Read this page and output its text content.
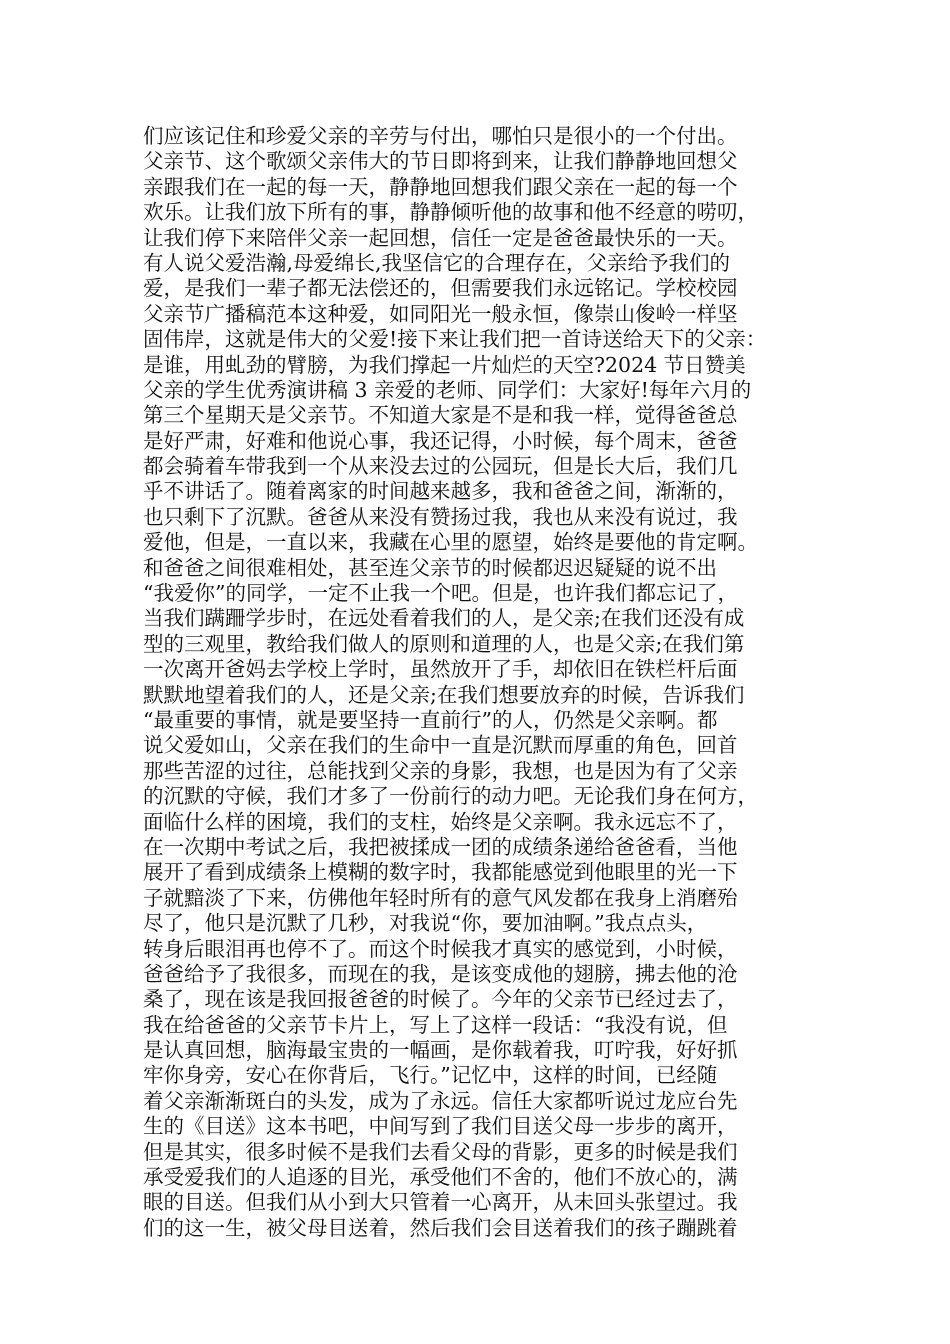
们应该记住和珍爱父亲的辛劳与付出，哪怕只是很小的一个付出。
父亲节、这个歌颂父亲伟大的节日即将到来，让我们静静地回想父
亲跟我们在一起的每一天，静静地回想我们跟父亲在一起的每一个
欢乐。让我们放下所有的事，静静倾听他的故事和他不经意的唠叨，
让我们停下来陪伴父亲一起回想，信任一定是爸爸最快乐的一天。
有人说父爱浩瀚,母爱绵长,我坚信它的合理存在，父亲给予我们的
爱，是我们一辈子都无法偿还的，但需要我们永远铭记。学校校园
父亲节广播稿范本这种爱，如同阳光一般永恒，像崇山俊岭一样坚
固伟岸，这就是伟大的父爱!接下来让我们把一首诗送给天下的父亲：
是谁，用虬劲的臂膀，为我们撑起一片灿烂的天空?2024 节日赞美
父亲的学生优秀演讲稿 3 亲爱的老师、同学们：大家好!每年六月的
第三个星期天是父亲节。不知道大家是不是和我一样，觉得爸爸总
是好严肃，好难和他说心事，我还记得，小时候，每个周末，爸爸
都会骑着车带我到一个从来没去过的公园玩，但是长大后，我们几
乎不讲话了。随着离家的时间越来越多，我和爸爸之间，渐渐的，
也只剩下了沉默。爸爸从来没有赞扬过我，我也从来没有说过，我
爱他，但是，一直以来，我藏在心里的愿望，始终是要他的肯定啊。
和爸爸之间很难相处，甚至连父亲节的时候都迟迟疑疑的说不出
“我爱你”的同学，一定不止我一个吧。但是，也许我们都忘记了，
当我们蹒跚学步时，在远处看着我们的人，是父亲;在我们还没有成
型的三观里，教给我们做人的原则和道理的人，也是父亲;在我们第
一次离开爸妈去学校上学时，虽然放开了手，却依旧在铁栏杆后面
默默地望着我们的人，还是父亲;在我们想要放弃的时候，告诉我们
“最重要的事情，就是要坚持一直前行”的人，仍然是父亲啊。都
说父爱如山，父亲在我们的生命中一直是沉默而厚重的角色，回首
那些苦涩的过往，总能找到父亲的身影，我想，也是因为有了父亲
的沉默的守候，我们才多了一份前行的动力吧。无论我们身在何方，
面临什么样的困境，我们的支柱，始终是父亲啊。我永远忘不了，
在一次期中考试之后，我把被揉成一团的成绩条递给爸爸看，当他
展开了看到成绩条上模糊的数字时，我都能感觉到他眼里的光一下
子就黯淡了下来，仿佛他年轻时所有的意气风发都在我身上消磨殆
尽了，他只是沉默了几秒，对我说“你，要加油啊。”我点点头，
转身后眼泪再也停不了。而这个时候我才真实的感觉到，小时候，
爸爸给予了我很多，而现在的我，是该变成他的翅膀，拂去他的沧
桑了，现在该是我回报爸爸的时候了。今年的父亲节已经过去了，
我在给爸爸的父亲节卡片上，写上了这样一段话：“我没有说，但
是认真回想，脑海最宝贵的一幅画，是你载着我，叮咛我，好好抓
牢你身旁，安心在你背后，飞行。”记忆中，这样的时间，已经随
着父亲渐渐斑白的头发，成为了永远。信任大家都听说过龙应台先
生的《目送》这本书吧，中间写到了我们目送父母一步步的离开，
但是其实，很多时候不是我们去看父母的背影，更多的时候是我们
承受爱我们的人追逐的目光，承受他们不舍的，他们不放心的，满
眼的目送。但我们从小到大只管着一心离开，从未回头张望过。我
们的这一生，被父母目送着，然后我们会目送着我们的孩子蹦跳着
